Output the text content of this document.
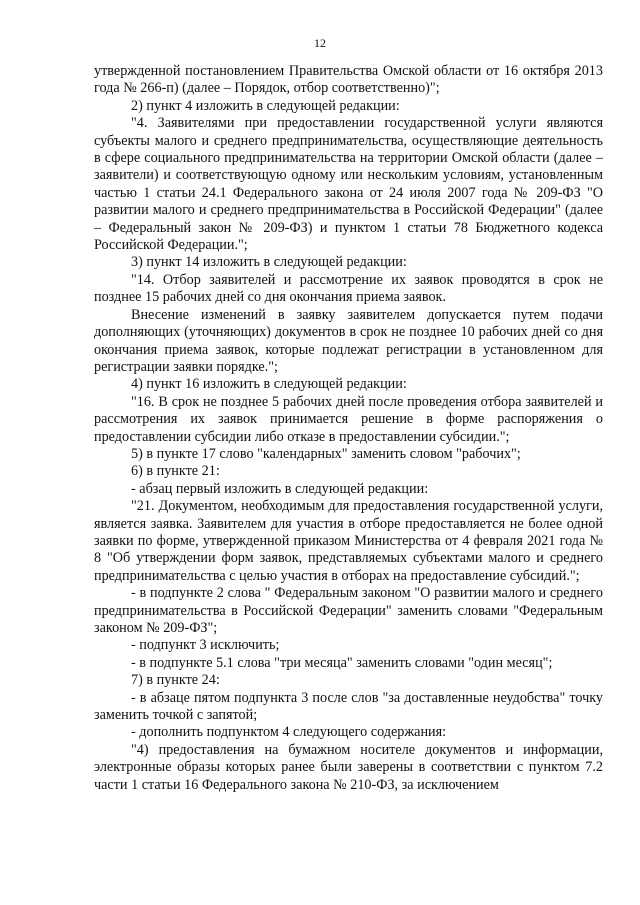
12

утвержденной постановлением Правительства Омской области от 16 октября 2013 года № 266-п) (далее – Порядок, отбор соответственно)";

2) пункт 4 изложить в следующей редакции:

"4. Заявителями при предоставлении государственной услуги являются субъекты малого и среднего предпринимательства, осуществляющие деятельность в сфере социального предпринимательства на территории Омской области (далее – заявители) и соответствующую одному или нескольким условиям, установленным частью 1 статьи 24.1 Федерального закона от 24 июля 2007 года № 209-ФЗ "О развитии малого и среднего предпринимательства в Российской Федерации" (далее – Федеральный закон № 209-ФЗ) и пунктом 1 статьи 78 Бюджетного кодекса Российской Федерации.";

3) пункт 14 изложить в следующей редакции:

"14. Отбор заявителей и рассмотрение их заявок проводятся в срок не позднее 15 рабочих дней со дня окончания приема заявок.

Внесение изменений в заявку заявителем допускается путем подачи дополняющих (уточняющих) документов в срок не позднее 10 рабочих дней со дня окончания приема заявок, которые подлежат регистрации в установленном для регистрации заявки порядке.";

4) пункт 16 изложить в следующей редакции:

"16. В срок не позднее 5 рабочих дней после проведения отбора заявителей и рассмотрения их заявок принимается решение в форме распоряжения о предоставлении субсидии либо отказе в предоставлении субсидии.";

5) в пункте 17 слово "календарных" заменить словом "рабочих";

6) в пункте 21:

- абзац первый изложить в следующей редакции:

"21. Документом, необходимым для предоставления государственной услуги, является заявка. Заявителем для участия в отборе предоставляется не более одной заявки по форме, утвержденной приказом Министерства от 4 февраля 2021 года № 8 "Об утверждении форм заявок, представляемых субъектами малого и среднего предпринимательства с целью участия в отборах на предоставление субсидий.";

- в подпункте 2 слова " Федеральным законом "О развитии малого и среднего предпринимательства в Российской Федерации" заменить словами "Федеральным законом № 209-ФЗ";

- подпункт 3 исключить;

- в подпункте 5.1 слова "три месяца" заменить словами "один месяц";

7) в пункте 24:

- в абзаце пятом подпункта 3 после слов "за доставленные неудобства" точку заменить точкой с запятой;

- дополнить подпунктом 4 следующего содержания:

"4) предоставления на бумажном носителе документов и информации, электронные образы которых ранее были заверены в соответствии с пунктом 7.2 части 1 статьи 16 Федерального закона № 210-ФЗ, за исключением
